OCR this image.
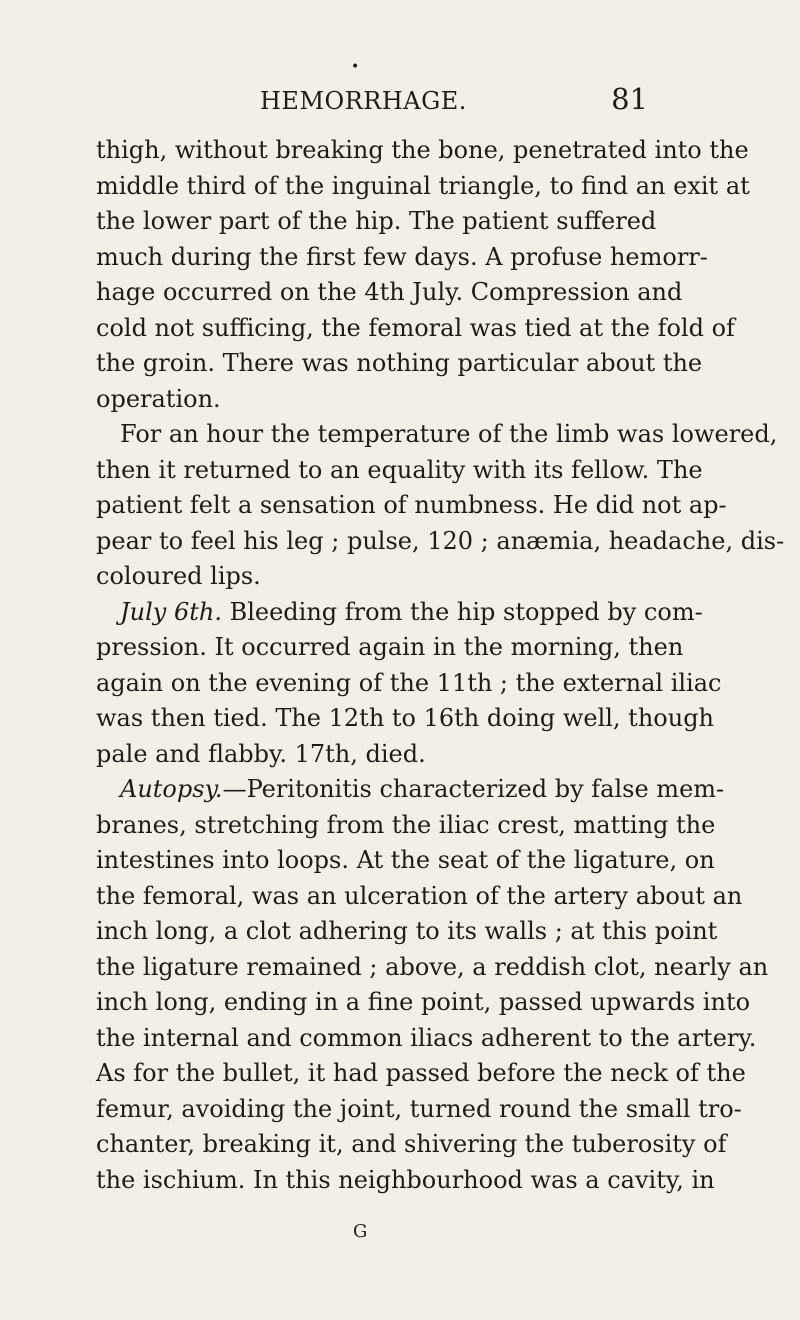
•
HEMORRHAGE.	81
thigh, without breaking the bone, penetrated into the
middle third of the inguinal triangle, to find an exit at
the lower part of the hip. The patient suffered
much during the first few days. A profuse hemorr-
hage occurred on the 4th July. Compression and
cold not sufficing, the femoral was tied at the fold of
the groin. There was nothing particular about the
operation.
For an hour the temperature of the limb was lowered,
then it returned to an equality with its fellow. The
patient felt a sensation of numbness. He did not ap-
pear to feel his leg ; pulse, 120 ; anæmia, headache, dis-
coloured lips.
July 6th. Bleeding from the hip stopped by com-
pression. It occurred again in the morning, then
again on the evening of the 11th ; the external iliac
was then tied. The 12th to 16th doing well, though
pale and flabby. 17th, died.
Autopsy.—Peritonitis characterized by false mem-
branes, stretching from the iliac crest, matting the
intestines into loops. At the seat of the ligature, on
the femoral, was an ulceration of the artery about an
inch long, a clot adhering to its walls ; at this point
the ligature remained ; above, a reddish clot, nearly an
inch long, ending in a fine point, passed upwards into
the internal and common iliacs adherent to the artery.
As for the bullet, it had passed before the neck of the
femur, avoiding the joint, turned round the small tro-
chanter, breaking it, and shivering the tuberosity of
the ischium. In this neighbourhood was a cavity, in
G
